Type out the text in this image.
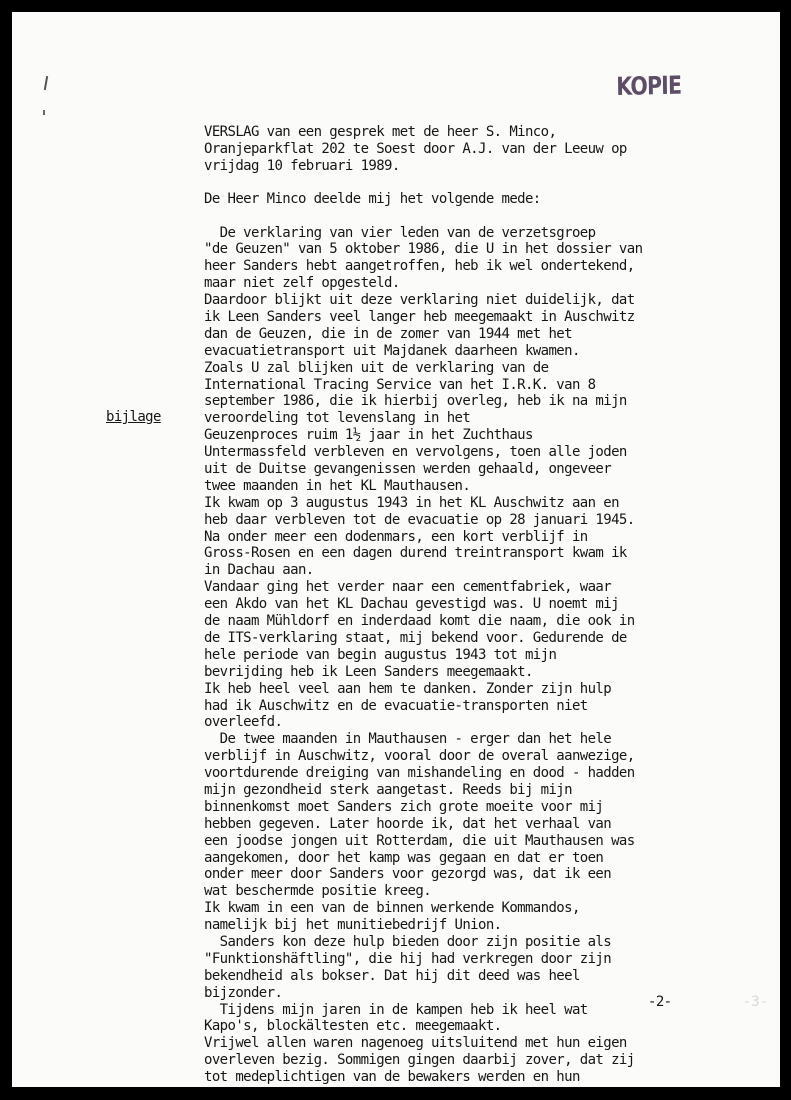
KOPIE
bijlage
VERSLAG van een gesprek met de heer S. Minco,
Oranjeparkflat 202 te Soest door A.J. van der Leeuw op
vrijdag 10 februari 1989.
De Heer Minco deelde mij het volgende mede:
De verklaring van vier leden van de verzetsgroep
"de Geuzen" van 5 oktober 1986, die U in het dossier van
heer Sanders hebt aangetroffen, heb ik wel ondertekend,
maar niet zelf opgesteld.
Daardoor blijkt uit deze verklaring niet duidelijk, dat
ik Leen Sanders veel langer heb meegemaakt in Auschwitz
dan de Geuzen, die in de zomer van 1944 met het
evacuatietransport uit Majdanek daarheen kwamen.
Zoals U zal blijken uit de verklaring van de
International Tracing Service van het I.R.K. van 8
september 1986, die ik hierbij overleg, heb ik na mijn
veroordeling tot levenslang in het
Geuzenproces ruim 1½ jaar in het Zuchthaus
Untermassfeld verbleven en vervolgens, toen alle joden
uit de Duitse gevangenissen werden gehaald, ongeveer
twee maanden in het KL Mauthausen.
Ik kwam op 3 augustus 1943 in het KL Auschwitz aan en
heb daar verbleven tot de evacuatie op 28 januari 1945.
Na onder meer een dodenmars, een kort verblijf in
Gross-Rosen en een dagen durend treintransport kwam ik
in Dachau aan.
Vandaar ging het verder naar een cementfabriek, waar
een Akdo van het KL Dachau gevestigd was. U noemt mij
de naam Mühldorf en inderdaad komt die naam, die ook in
de ITS-verklaring staat, mij bekend voor. Gedurende de
hele periode van begin augustus 1943 tot mijn
bevrijding heb ik Leen Sanders meegemaakt.
Ik heb heel veel aan hem te danken. Zonder zijn hulp
had ik Auschwitz en de evacuatie-transporten niet
overleefd.
De twee maanden in Mauthausen - erger dan het hele
verblijf in Auschwitz, vooral door de overal aanwezige,
voortdurende dreiging van mishandeling en dood - hadden
mijn gezondheid sterk aangetast. Reeds bij mijn
binnenkomst moet Sanders zich grote moeite voor mij
hebben gegeven. Later hoorde ik, dat het verhaal van
een joodse jongen uit Rotterdam, die uit Mauthausen was
aangekomen, door het kamp was gegaan en dat er toen
onder meer door Sanders voor gezorgd was, dat ik een
wat beschermde positie kreeg.
Ik kwam in een van de binnen werkende Kommandos,
namelijk bij het munitiebedrijf Union.
Sanders kon deze hulp bieden door zijn positie als
"Funktionshäftling", die hij had verkregen door zijn
bekendheid als bokser. Dat hij dit deed was heel
bijzonder.
Tijdens mijn jaren in de kampen heb ik heel wat
Kapo's, blockältesten etc. meegemaakt.
Vrijwel allen waren nagenoeg uitsluitend met hun eigen
overleven bezig. Sommigen gingen daarbij zover, dat zij
tot medeplichtigen van de bewakers werden en hun
-2-	-3-
